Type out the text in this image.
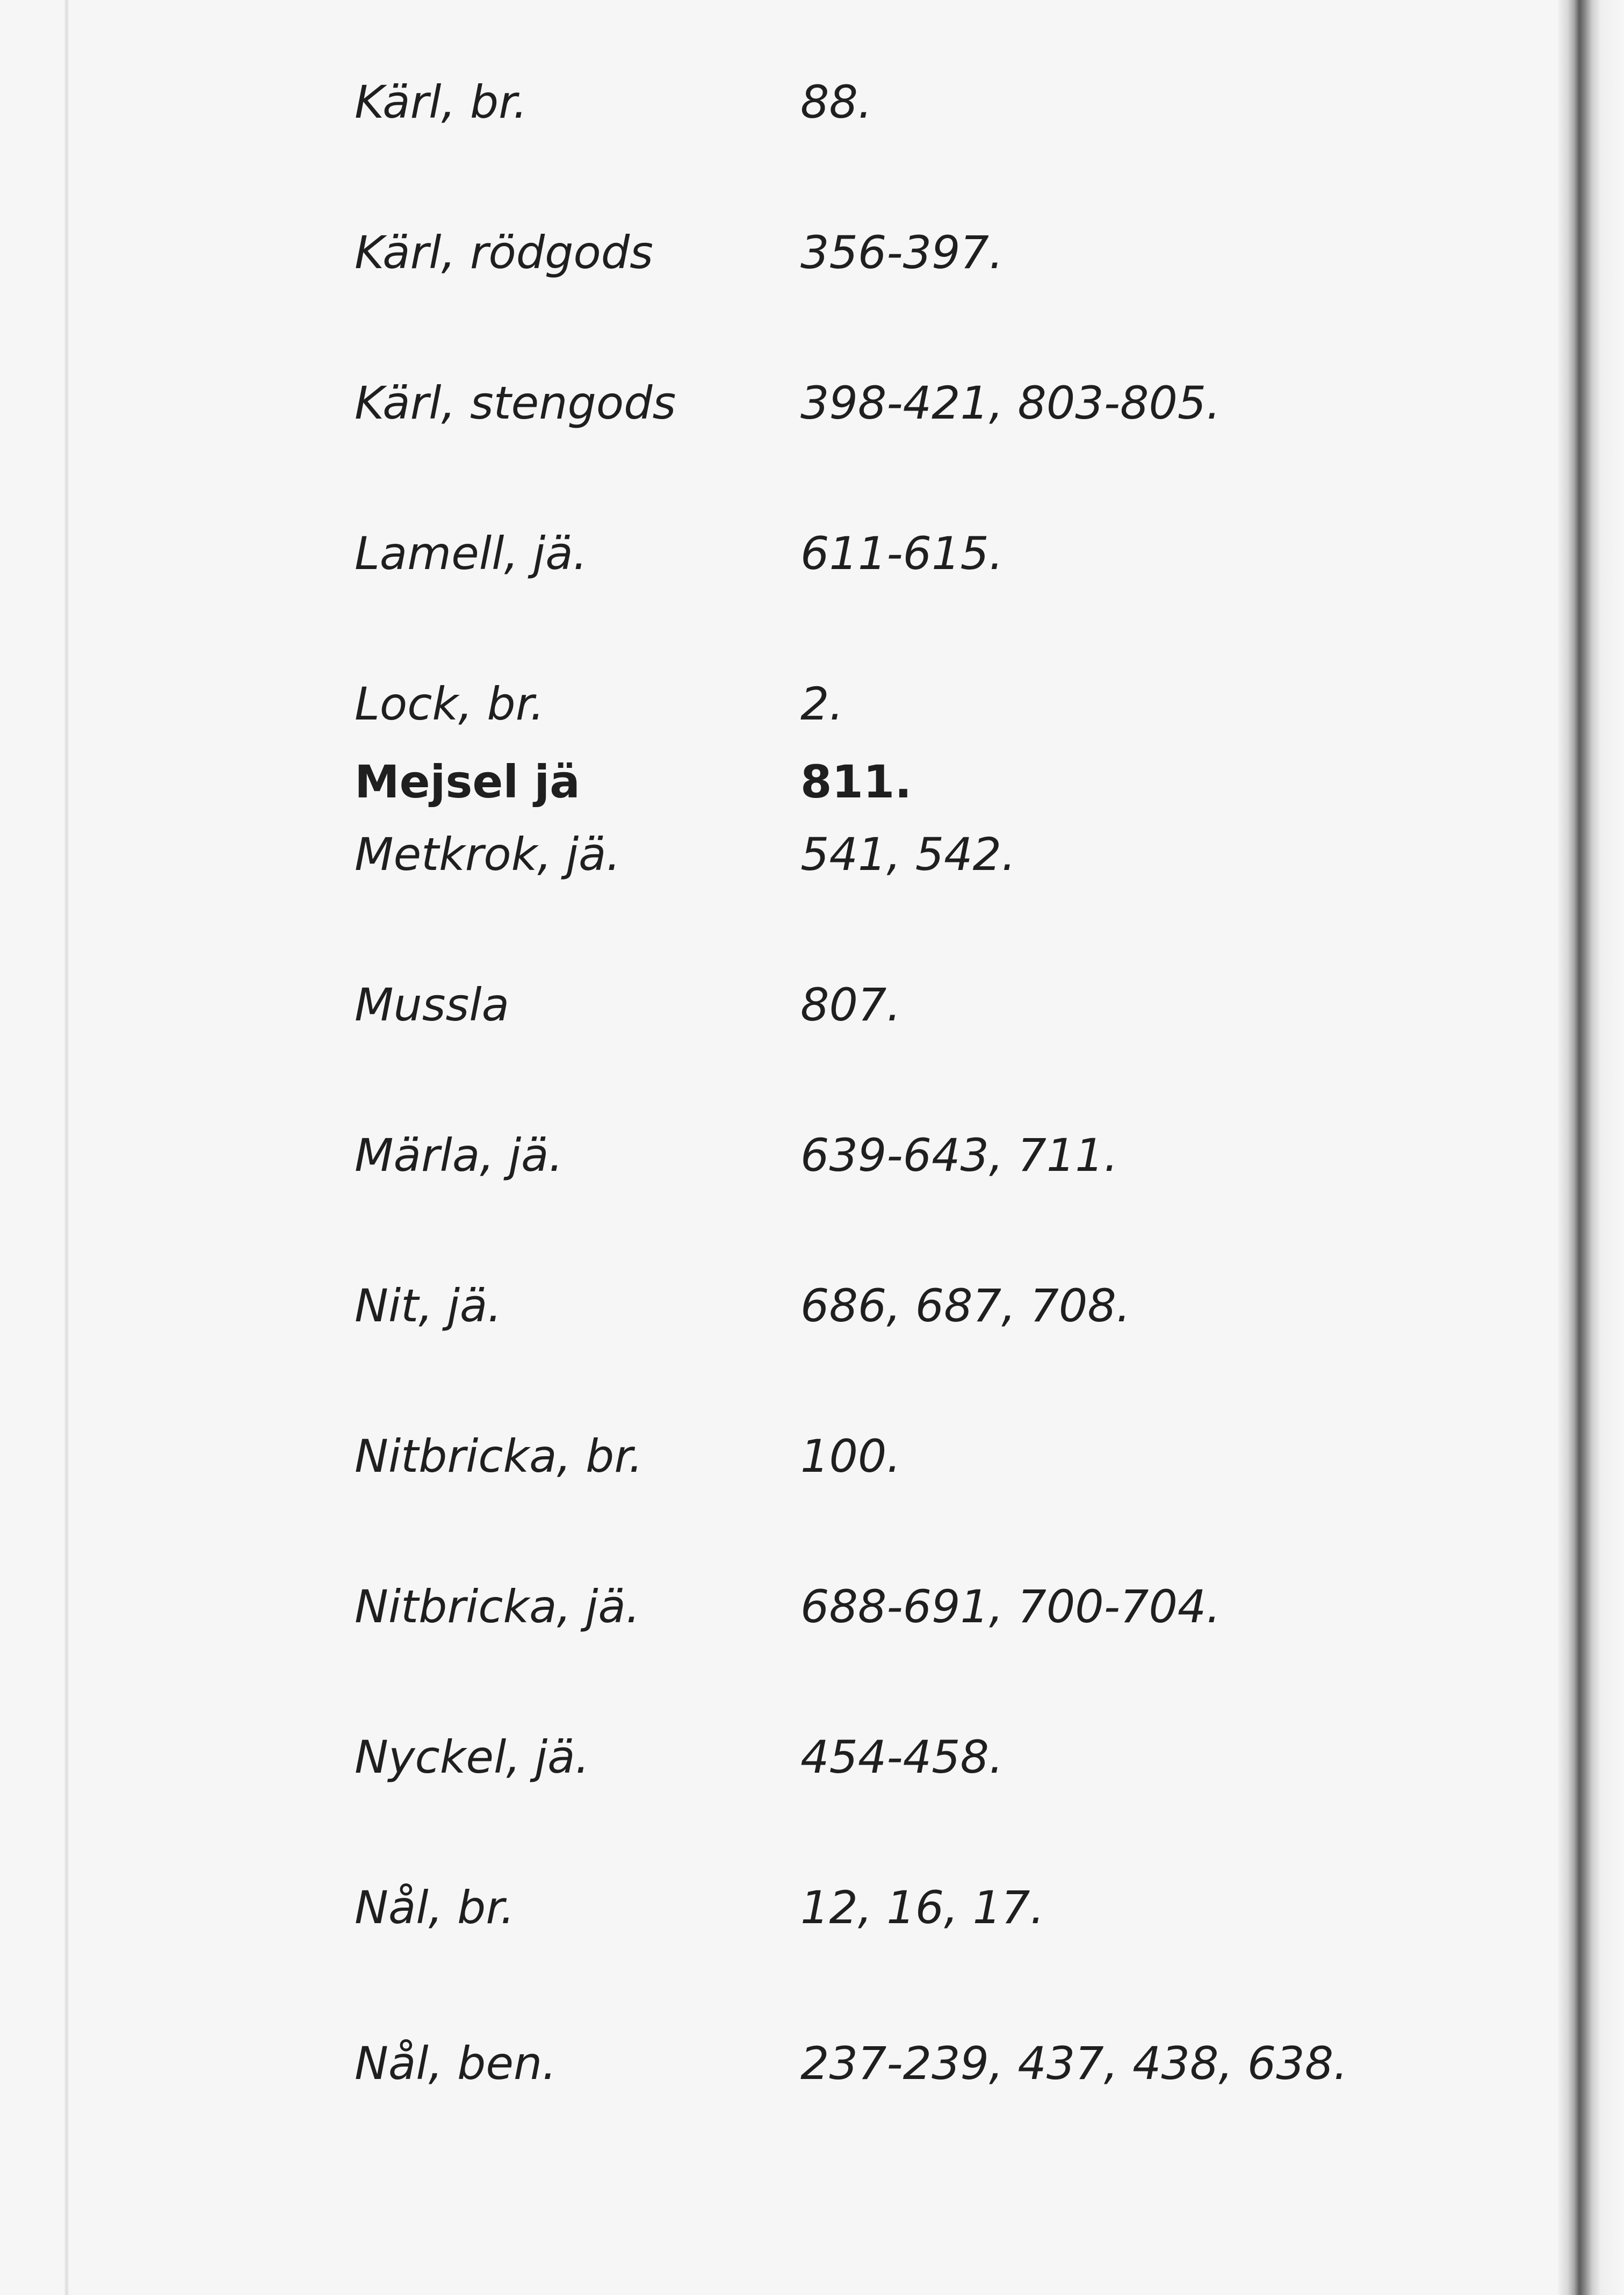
Kärl, br.	88.
Kärl, rödgods	356-397.
Kärl, stengods	398-421, 803-805.
Lamell, jä.	611-615.
Lock, br.	2.
Mejsel jä	811.
Metkrok, jä.	541, 542.
Mussla	807.
Märla, jä.	639-643, 711.
Nit, jä.	686, 687, 708.
Nitbricka, br.	100.
Nitbricka, jä.	688-691, 700-704.
Nyckel, jä.	454-458.
Nål, br.	12, 16, 17.
Nål, ben.	237-239, 437, 438, 638.
